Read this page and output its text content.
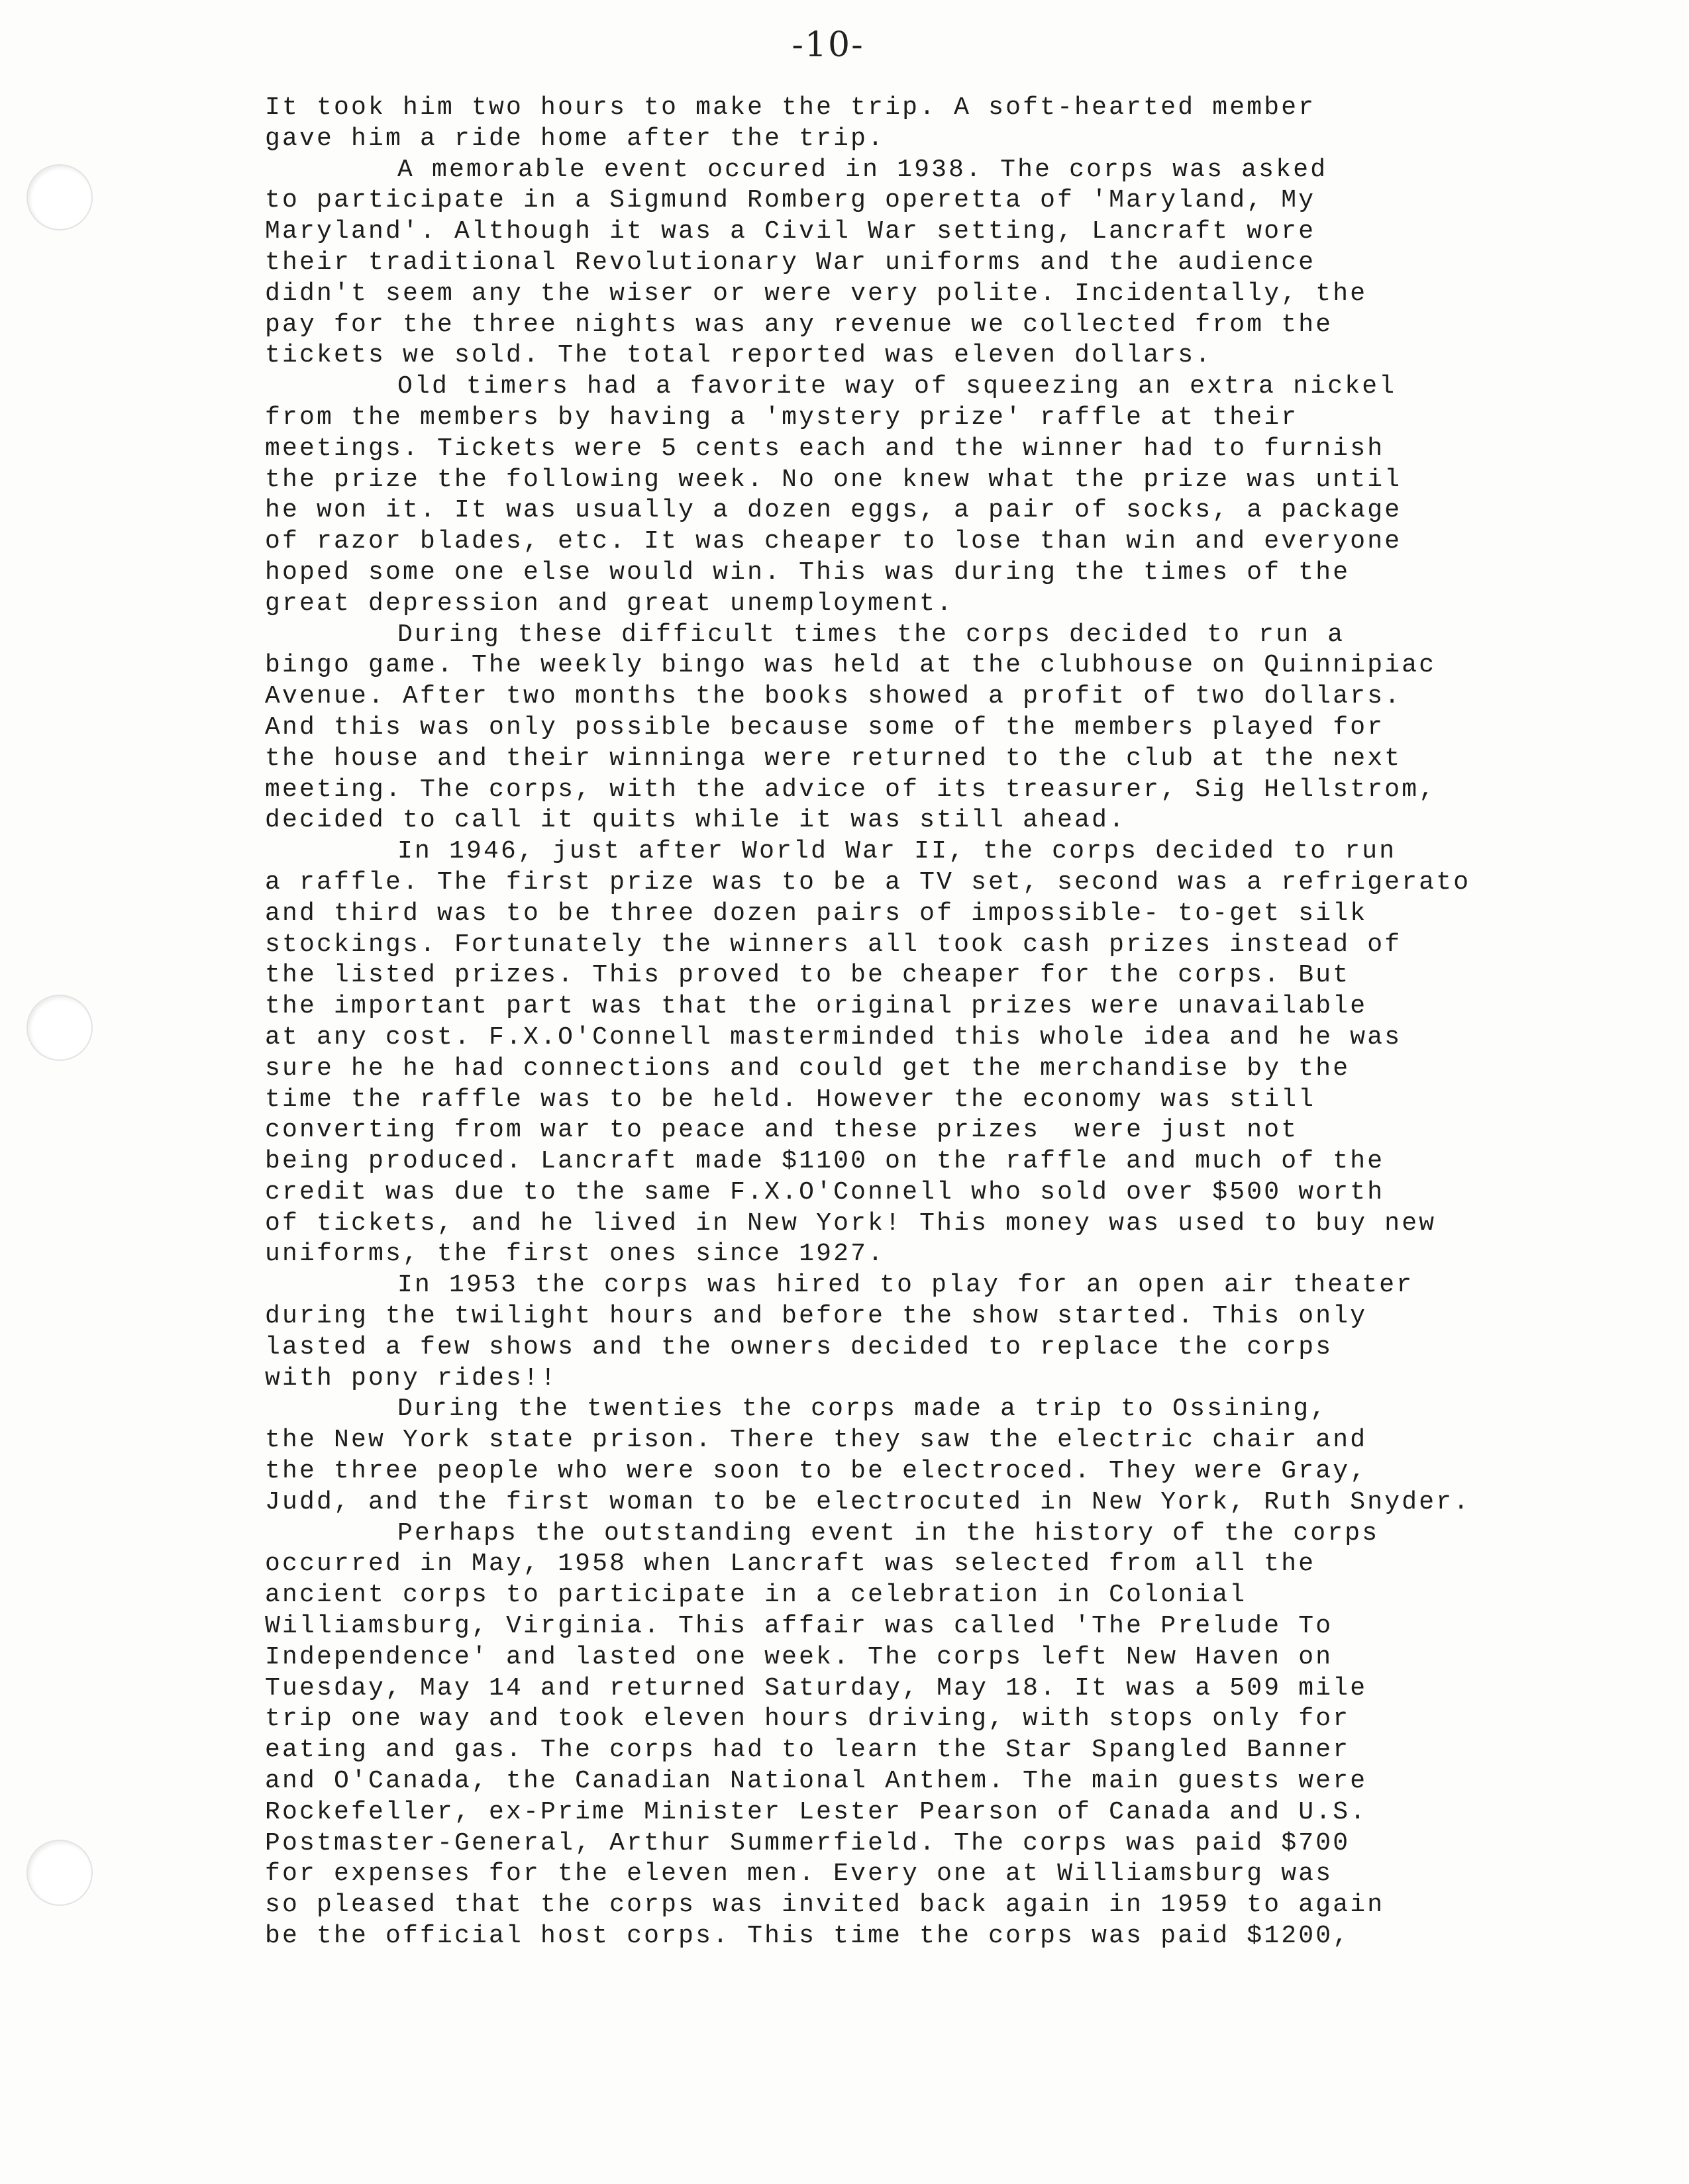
-10-
It took him two hours to make the trip. A soft-hearted member
gave him a ride home after the trip.
A memorable event occured in 1938. The corps was asked
to participate in a Sigmund Romberg operetta of 'Maryland, My
Maryland'. Although it was a Civil War setting, Lancraft wore
their traditional Revolutionary War uniforms and the audience
didn't seem any the wiser or were very polite. Incidentally, the
pay for the three nights was any revenue we collected from the
tickets we sold. The total reported was eleven dollars.
Old timers had a favorite way of squeezing an extra nickel
from the members by having a 'mystery prize' raffle at their
meetings. Tickets were 5 cents each and the winner had to furnish
the prize the following week. No one knew what the prize was until
he won it. It was usually a dozen eggs, a pair of socks, a package
of razor blades, etc. It was cheaper to lose than win and everyone
hoped some one else would win. This was during the times of the
great depression and great unemployment.
During these difficult times the corps decided to run a
bingo game. The weekly bingo was held at the clubhouse on Quinnipiac
Avenue. After two months the books showed a profit of two dollars.
And this was only possible because some of the members played for
the house and their winninga were returned to the club at the next
meeting. The corps, with the advice of its treasurer, Sig Hellstrom,
decided to call it quits while it was still ahead.
In 1946, just after World War II, the corps decided to run
a raffle. The first prize was to be a TV set, second was a refrigerato
and third was to be three dozen pairs of impossible- to-get silk
stockings. Fortunately the winners all took cash prizes instead of
the listed prizes. This proved to be cheaper for the corps. But
the important part was that the original prizes were unavailable
at any cost. F.X.O'Connell masterminded this whole idea and he was
sure he he had connections and could get the merchandise by the
time the raffle was to be held. However the economy was still
converting from war to peace and these prizes  were just not
being produced. Lancraft made $1100 on the raffle and much of the
credit was due to the same F.X.O'Connell who sold over $500 worth
of tickets, and he lived in New York! This money was used to buy new
uniforms, the first ones since 1927.
In 1953 the corps was hired to play for an open air theater
during the twilight hours and before the show started. This only
lasted a few shows and the owners decided to replace the corps
with pony rides!!
During the twenties the corps made a trip to Ossining,
the New York state prison. There they saw the electric chair and
the three people who were soon to be electroced. They were Gray,
Judd, and the first woman to be electrocuted in New York, Ruth Snyder.
Perhaps the outstanding event in the history of the corps
occurred in May, 1958 when Lancraft was selected from all the
ancient corps to participate in a celebration in Colonial
Williamsburg, Virginia. This affair was called 'The Prelude To
Independence' and lasted one week. The corps left New Haven on
Tuesday, May 14 and returned Saturday, May 18. It was a 509 mile
trip one way and took eleven hours driving, with stops only for
eating and gas. The corps had to learn the Star Spangled Banner
and O'Canada, the Canadian National Anthem. The main guests were
Rockefeller, ex-Prime Minister Lester Pearson of Canada and U.S.
Postmaster-General, Arthur Summerfield. The corps was paid $700
for expenses for the eleven men. Every one at Williamsburg was
so pleased that the corps was invited back again in 1959 to again
be the official host corps. This time the corps was paid $1200,
